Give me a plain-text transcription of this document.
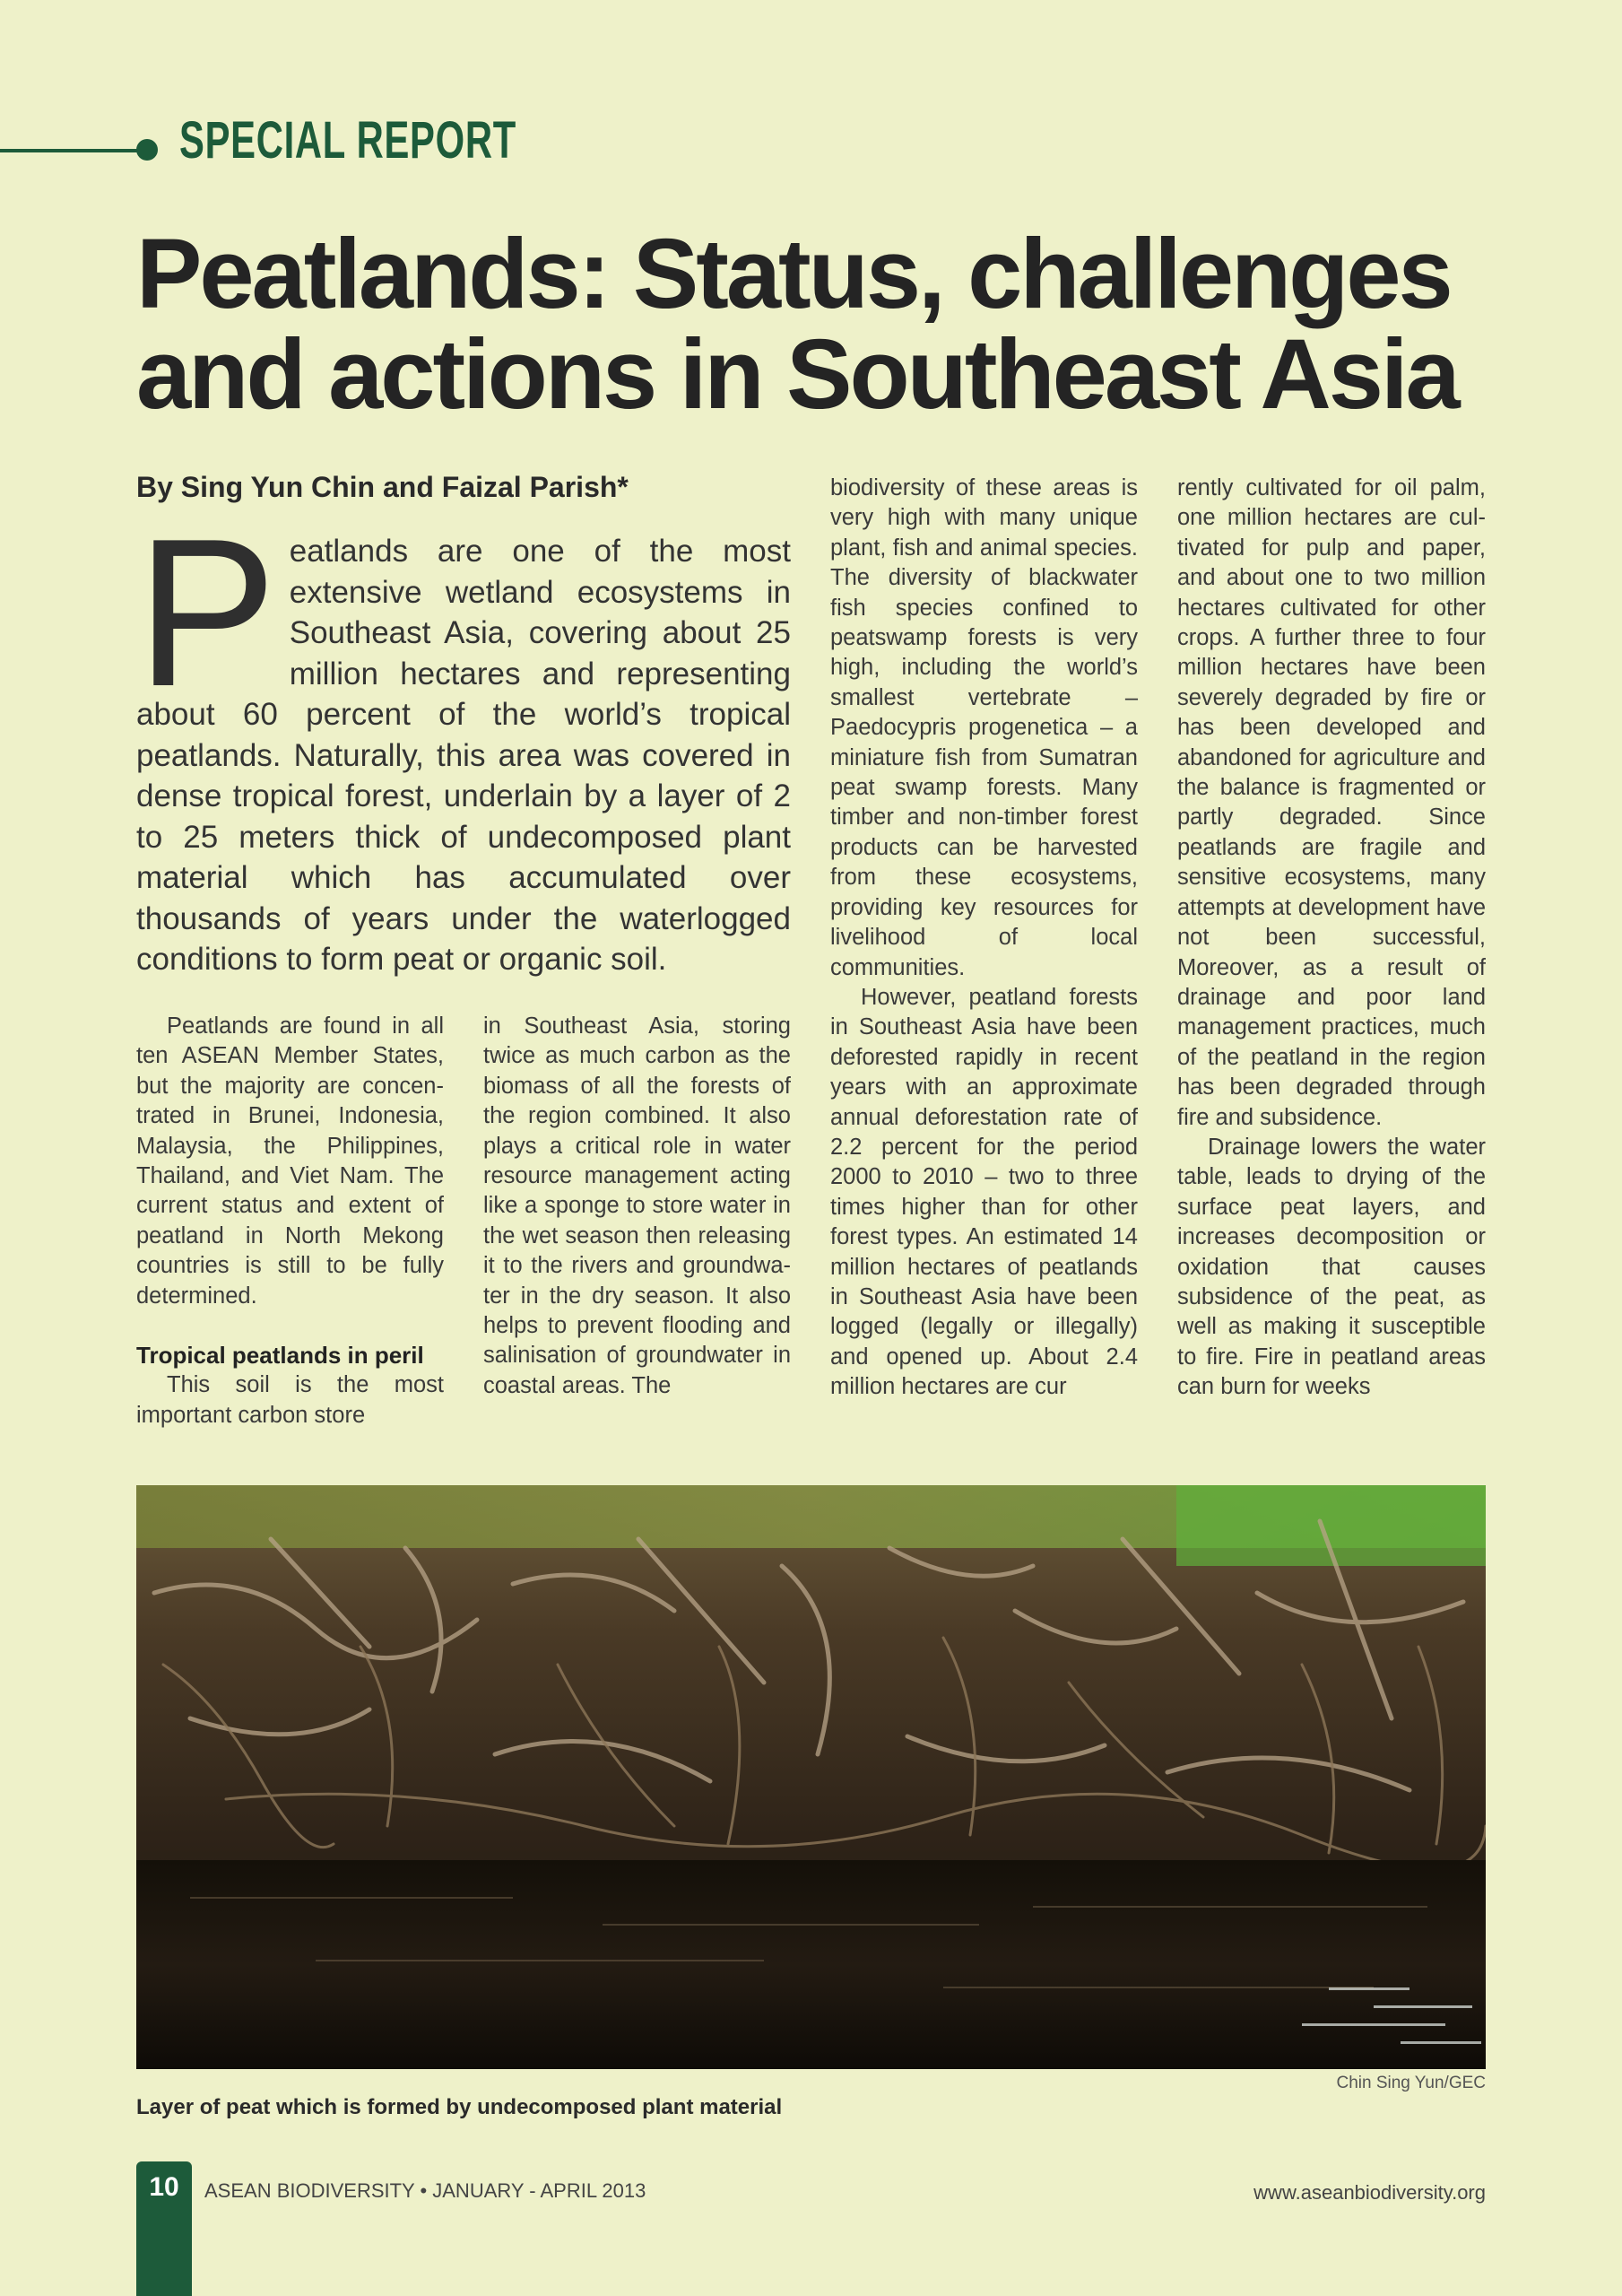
SPECIAL REPORT
Peatlands: Status, challenges and actions in Southeast Asia

By Sing Yun Chin and Faizal Parish*

P eatlands are one of the most extensive wetland ecosystems in Southeast Asia, covering about 25 million hectares and representing about 60 percent of the world’s tropical peatlands. Naturally, this area was covered in dense tropical forest, underlain by a layer of 2 to 25 meters thick of undecomposed plant material which has accumulated over thousands of years under the waterlogged conditions to form peat or organic soil.

Peatlands are found in all ten ASEAN Member States, but the majority are concentrated in Brunei, Indonesia, Malaysia, the Philippines, Thailand, and Viet Nam. The current status and extent of peatland in North Mekong countries is still to be fully determined.

Tropical peatlands in peril

This soil is the most important carbon store

in Southeast Asia, storing twice as much carbon as the biomass of all the forests of the region combined. It also plays a critical role in water resource management acting like a sponge to store water in the wet season then releasing it to the rivers and groundwater in the dry season. It also helps to prevent flooding and salinisation of groundwater in coastal areas. The

biodiversity of these areas is very high with many unique plant, fish and animal species. The diversity of blackwater fish species confined to peatswamp forests is very high, including the world’s smallest vertebrate – Paedocypris progenetica – a miniature fish from Sumatran peat swamp forests. Many timber and non-timber forest products can be harvested from these ecosystems, providing key resources for livelihood of local communities.

However, peatland forests in Southeast Asia have been deforested rapidly in recent years with an approximate annual deforestation rate of 2.2 percent for the period 2000 to 2010 – two to three times higher than for other forest types. An estimated 14 million hectares of peatlands in Southeast Asia have been logged (legally or illegally) and opened up. About 2.4 million hectares are cur

rently cultivated for oil palm, one million hectares are cultivated for pulp and paper, and about one to two million hectares cultivated for other crops. A further three to four million hectares have been severely degraded by fire or has been developed and abandoned for agriculture and the balance is fragmented or partly degraded. Since peatlands are fragile and sensitive ecosystems, many attempts at development have not been successful, Moreover, as a result of drainage and poor land management practices, much of the peatland in the region has been degraded through fire and subsidence.

Drainage lowers the water table, leads to drying of the surface peat layers, and increases decomposition or oxidation that causes subsidence of the peat, as well as making it susceptible to fire. Fire in peatland areas can burn for weeks

Chin Sing Yun/GEC
Layer of peat which is formed by undecomposed plant material
10	ASEAN BIODIVERSITY • JANUARY - APRIL 2013	www.aseanbiodiversity.org
